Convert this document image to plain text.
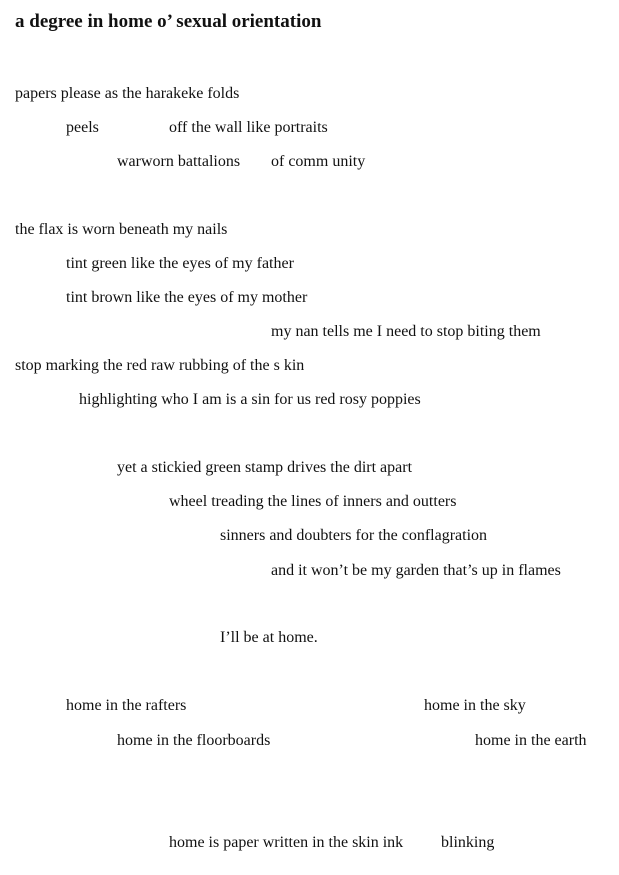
a degree in home o’ sexual orientation
papers please as the harakeke folds
peels	off the wall like portraits
warworn battalions of comm unity
the flax is worn beneath my nails
tint green like the eyes of my father
tint brown like the eyes of my mother
my nan tells me I need to stop biting them
stop marking the red raw rubbing of the s kin
highlighting who I am is a sin for us red rosy poppies
yet a stickied green stamp drives the dirt apart
wheel treading the lines of inners and outters
sinners and doubters for the conflagration
and it won’t be my garden that’s up in flames
I’ll be at home.
home in the rafters	home in the sky
home in the floorboards	home in the earth
home is paper written in the skin ink blinking
